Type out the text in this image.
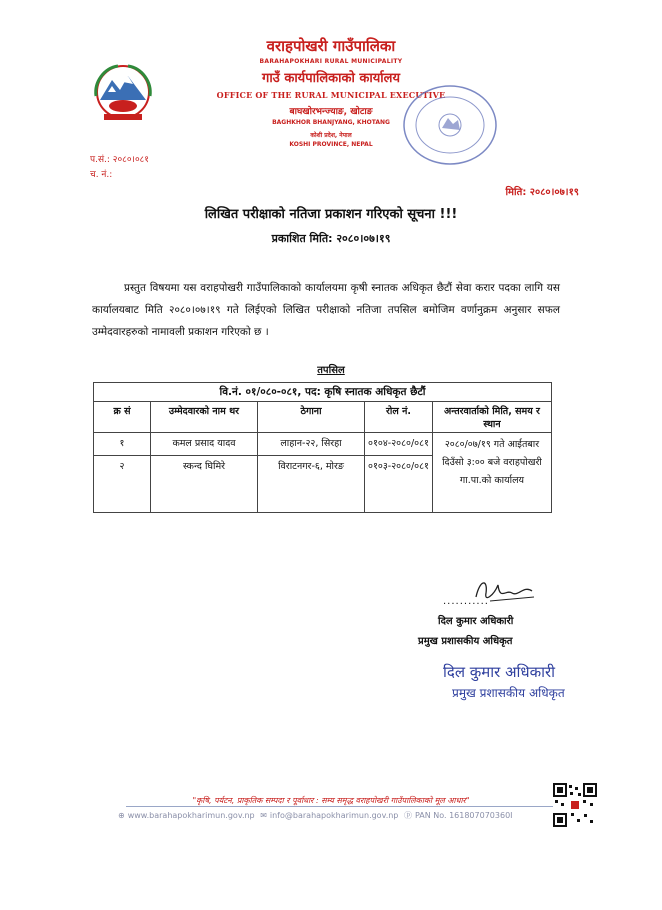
वराहपोखरी गाउँपालिका
BARAHAPOKHARI RURAL MUNICIPALITY
गाउँ कार्यपालिकाको कार्यालय
OFFICE OF THE RURAL MUNICIPAL EXECUTIVE
बाघखोरभन्ज्याङ, खोटाङ
BAGHKHOR BHANJYANG, KHOTANG
कोशी प्रदेश, नेपाल
KOSHI PROVINCE, NEPAL
प.सं.: २०८०।०८१
च. नं.:
मिति: २०८०।०७।१९
लिखित परीक्षाको नतिजा प्रकाशन गरिएको सूचना !!!
प्रकाशित मिति: २०८०।०७।१९
प्रस्तुत विषयमा यस वराहपोखरी गाउँपालिकाको कार्यालयमा कृषी स्नातक अधिकृत छैटौं सेवा करार पदका लागि यस कार्यालयबाट मिति २०८०।०७।१९ गते लिईएको लिखित परीक्षाको नतिजा तपसिल बमोजिम वर्णानुक्रम अनुसार सफल उम्मेदवारहरुको नामावली प्रकाशन गरिएको छ ।
तपसिल
वि.नं. ०१/०८०-०८१, पद: कृषि स्नातक अधिकृत छैटौं				
क्र सं	उम्मेदवारको नाम थर	ठेगाना	रोल नं.	अन्तरवार्ताको मिति, समय र स्थान
१	कमल प्रसाद यादव	लाहान-२२, सिरहा	०१०४-२०८०/०८१	२०८०/०७/१९ गते आईतबार दिउँसो ३:०० बजे वराहपोखरी गा.पा.को कार्यालय
२	स्कन्द घिमिरे	विराटनगर-६, मोरङ	०१०३-२०८०/०८१	
...........
दिल कुमार अधिकारी
प्रमुख प्रशासकीय अधिकृत
दिल कुमार अधिकारी
प्रमुख प्रशासकीय अधिकृत
"कृषि, पर्यटन, प्राकृतिक सम्पदा र पूर्वाधार : सम्य समृद्ध वराहपोखरी गाउँपालिकाको मूल आधार"
⊕ www.barahapokharimun.gov.np ✉ info@barahapokharimun.gov.np ⓟ PAN No. 161807070360I
